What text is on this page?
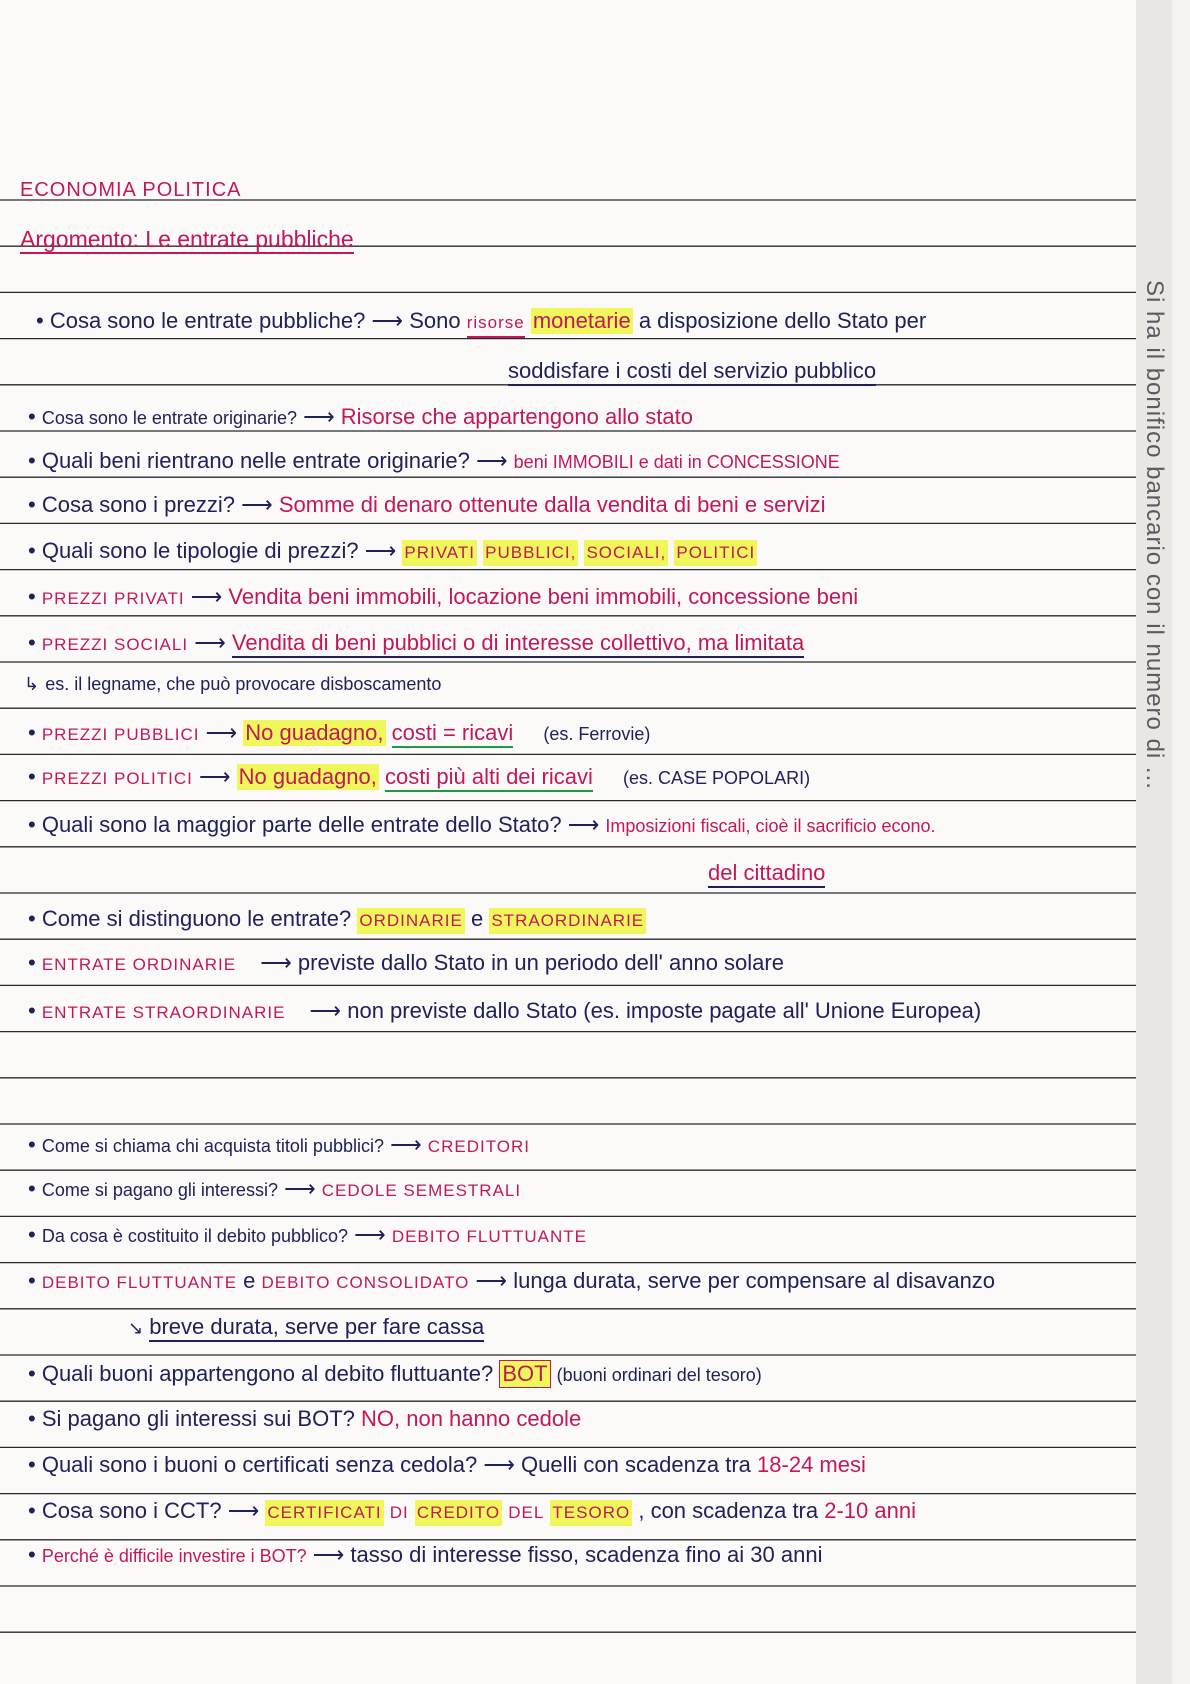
Si ha il bonifico bancario con il numero di ...
ECONOMIA POLITICA
Argomento: Le entrate pubbliche
• Cosa sono le entrate pubbliche? ⟶ Sono risorse monetarie a disposizione dello Stato per
soddisfare i costi del servizio pubblico
• Cosa sono le entrate originarie? ⟶ Risorse che appartengono allo stato
• Quali beni rientrano nelle entrate originarie? ⟶ beni IMMOBILI e dati in CONCESSIONE
• Cosa sono i prezzi? ⟶ Somme di denaro ottenute dalla vendita di beni e servizi
• Quali sono le tipologie di prezzi? ⟶ PRIVATI PUBBLICI, SOCIALI, POLITICI
• PREZZI PRIVATI ⟶ Vendita beni immobili, locazione beni immobili, concessione beni
• PREZZI SOCIALI ⟶ Vendita di beni pubblici o di interesse collettivo, ma limitata
↳ es. il legname, che può provocare disboscamento
• PREZZI PUBBLICI ⟶ No guadagno, costi = ricavi (es. Ferrovie)
• PREZZI POLITICI ⟶ No guadagno, costi più alti dei ricavi (es. CASE POPOLARI)
• Quali sono la maggior parte delle entrate dello Stato? ⟶ Imposizioni fiscali, cioè il sacrificio econo.
del cittadino
• Come si distinguono le entrate? ORDINARIE e STRAORDINARIE
• ENTRATE ORDINARIE ⟶ previste dallo Stato in un periodo dell' anno solare
• ENTRATE STRAORDINARIE ⟶ non previste dallo Stato (es. imposte pagate all' Unione Europea)
• Come si chiama chi acquista titoli pubblici? ⟶ CREDITORI
• Come si pagano gli interessi? ⟶ CEDOLE SEMESTRALI
• Da cosa è costituito il debito pubblico? ⟶ DEBITO FLUTTUANTE
• DEBITO FLUTTUANTE e DEBITO CONSOLIDATO ⟶ lunga durata, serve per compensare al disavanzo
↘ breve durata, serve per fare cassa
• Quali buoni appartengono al debito fluttuante? BOT (buoni ordinari del tesoro)
• Si pagano gli interessi sui BOT? NO, non hanno cedole
• Quali sono i buoni o certificati senza cedola? ⟶ Quelli con scadenza tra 18-24 mesi
• Cosa sono i CCT? ⟶ CERTIFICATI DI CREDITO DEL TESORO , con scadenza tra 2-10 anni
• Perché è difficile investire i BOT? ⟶ tasso di interesse fisso, scadenza fino ai 30 anni
